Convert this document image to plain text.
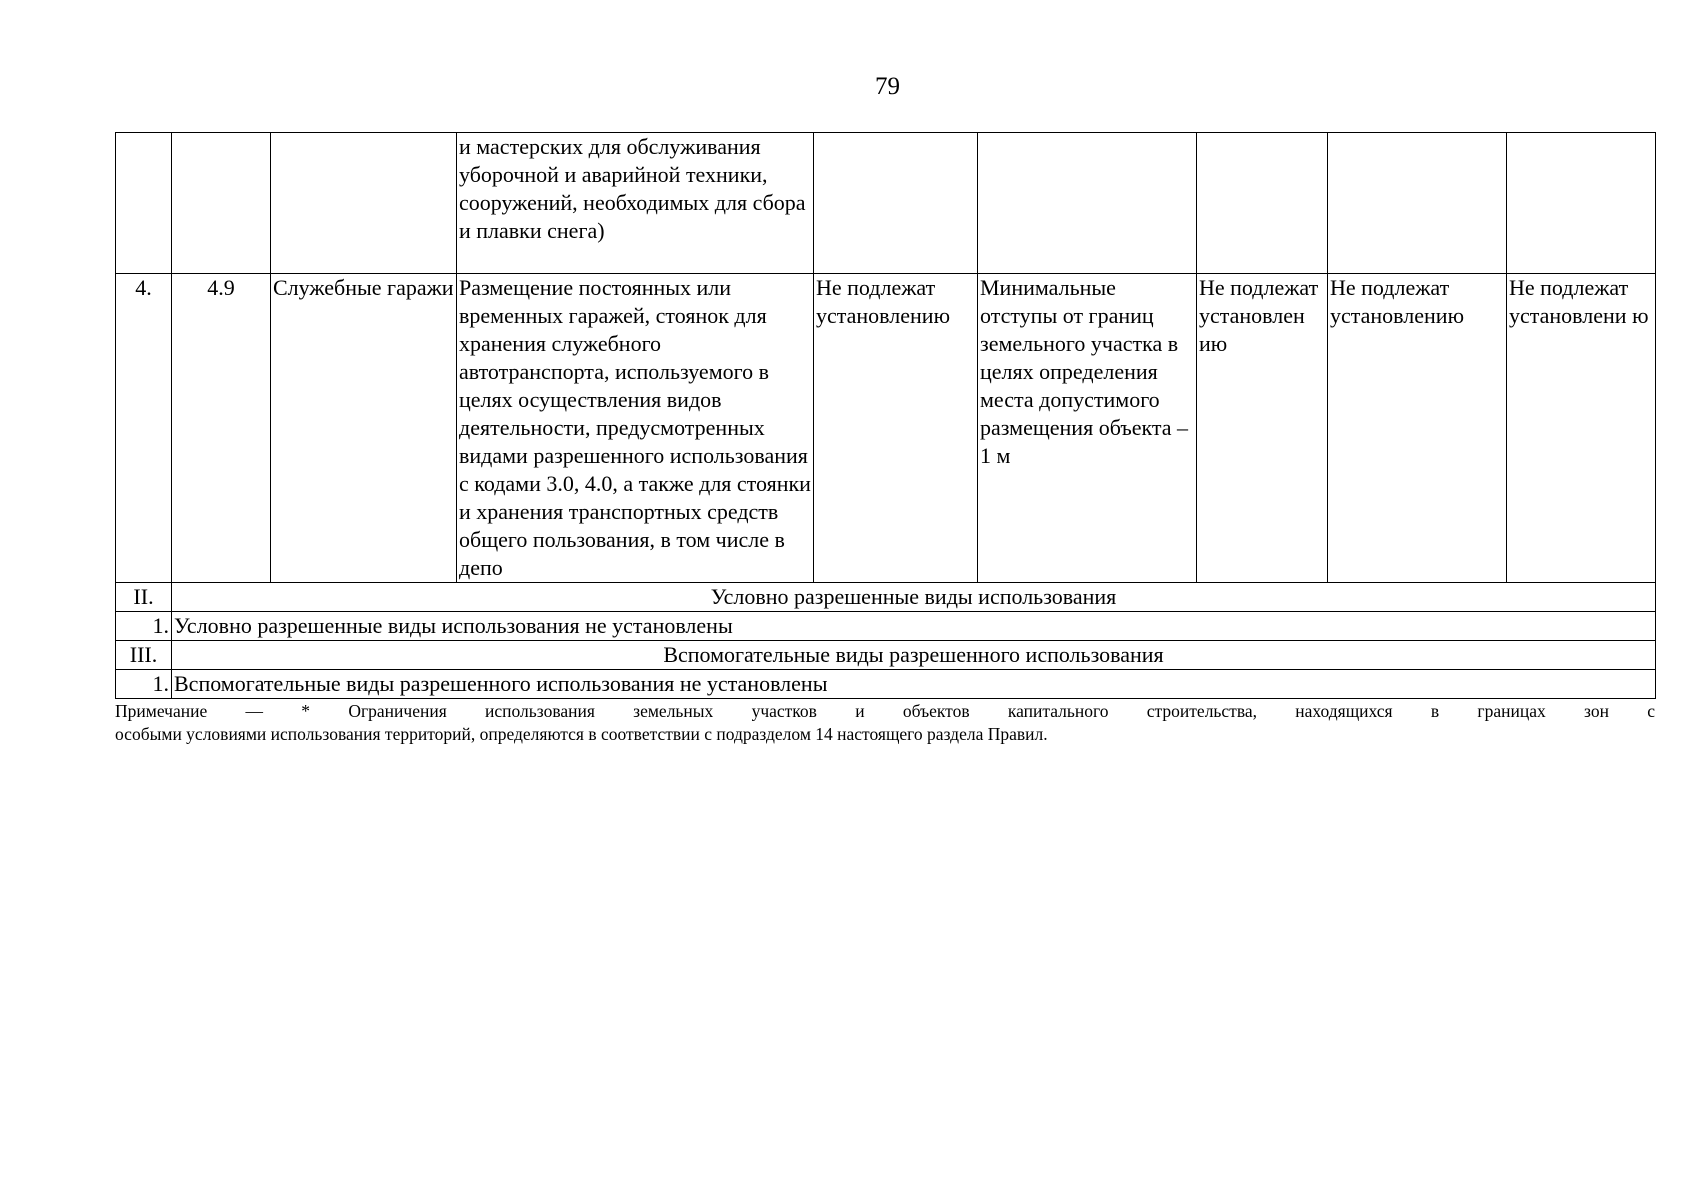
79
			и мастерских для обслуживания уборочной и аварийной техники, сооружений, необходимых для сбора и плавки снега)					
4.	4.9	Служебные гаражи	Размещение постоянных или временных гаражей, стоянок для хранения служебного автотранспорта, используемого в целях осуществления видов деятельности, предусмотренных видами разрешенного использования с кодами 3.0, 4.0, а также для стоянки и хранения транспортных средств общего пользования, в том числе в депо	Не подлежат установлению	Минимальные отступы от границ земельного участка в целях определения места допустимого размещения объекта – 1 м	Не подлежат установлен ию	Не подлежат установлению	Не подлежат установлени ю
II.	Условно разрешенные виды использования							
1.	Условно разрешенные виды использования не установлены							
III.	Вспомогательные виды разрешенного использования							
1.	Вспомогательные виды разрешенного использования не установлены							
Примечание — * Ограничения использования земельных участков и объектов капитального строительства, находящихся в границах зон с
особыми условиями использования территорий, определяются в соответствии с подразделом 14 настоящего раздела Правил.
